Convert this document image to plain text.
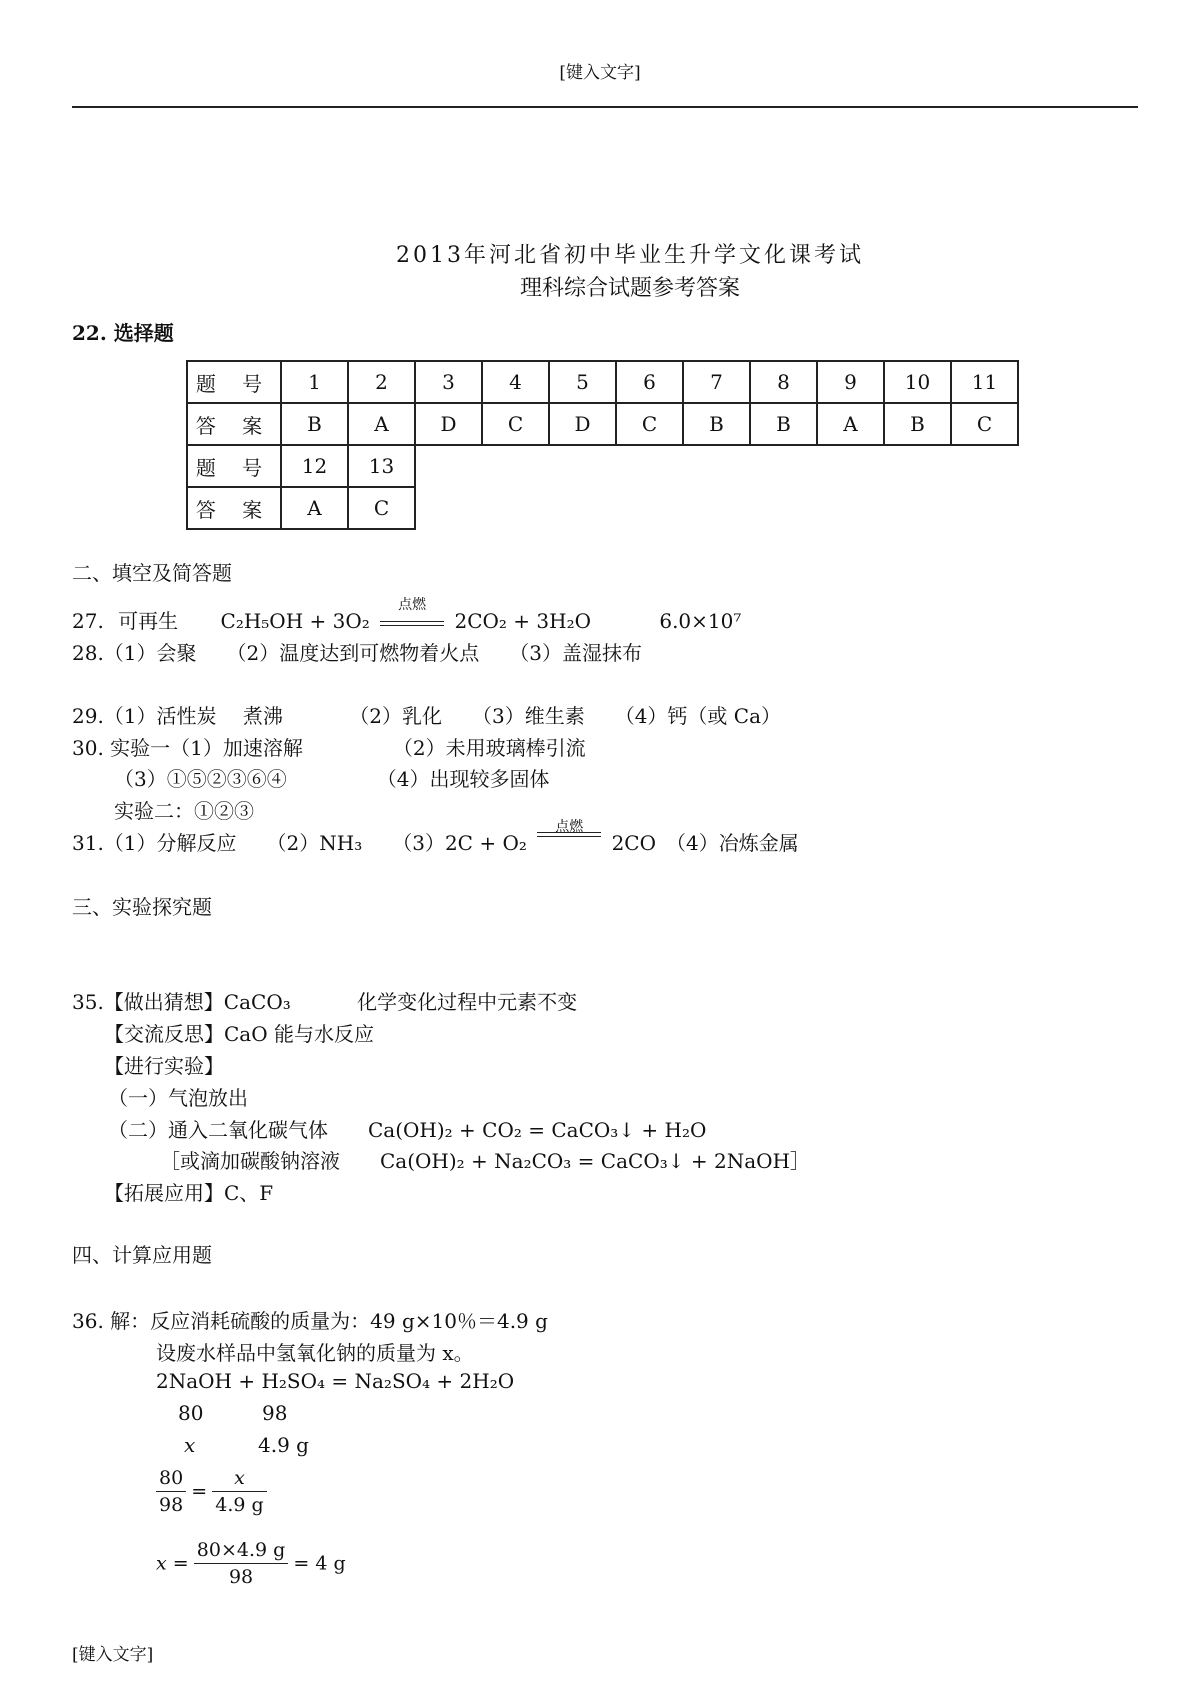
[键入文字]
2013年河北省初中毕业生升学文化课考试
理科综合试题参考答案
22. 选择题
题 号	1	2	3	4	5	6	7	8	9	10	11
答 案	B	A	D	C	D	C	B	B	A	B	C
题 号	12	13									
答 案	A	C									
二、填空及简答题
27. 可再生 C₂H₅OH + 3O₂
点燃
2CO₂ + 3H₂O	6.0×10⁷
28.（1）会聚　　（2）温度达到可燃物着火点　　（3）盖湿抹布
29.（1）活性炭　 煮沸　　　 （2）乳化　　（3）维生素　　（4）钙（或 Ca）
30. 实验一（1）加速溶解　　　　　（2）未用玻璃棒引流
（3）①⑤②③⑥④　　　　　（4）出现较多固体
实验二：①②③
31.（1）分解反应　　（2）NH₃　　（3）2C + O₂
点燃
2CO　（4）冶炼金属
三、实验探究题
35.【做出猜想】CaCO₃　　　 化学变化过程中元素不变
【交流反思】CaO 能与水反应
【进行实验】
（一）气泡放出
（二）通入二氧化碳气体　　Ca(OH)₂ + CO₂ = CaCO₃↓ + H₂O
［或滴加碳酸钠溶液　　Ca(OH)₂ + Na₂CO₃ = CaCO₃↓ + 2NaOH］
【拓展应用】C、F
四、计算应用题
36. 解：反应消耗硫酸的质量为：49 g×10％＝4.9 g
设废水样品中氢氧化钠的质量为 x。
2NaOH + H₂SO₄ = Na₂SO₄ + 2H₂O
80	98
x	4.9 g
$\frac{80}{98} = \frac{x}{4.9 g}$
$x = \frac{80\times 4.9 g}{98} = 4$ g
[键入文字]
